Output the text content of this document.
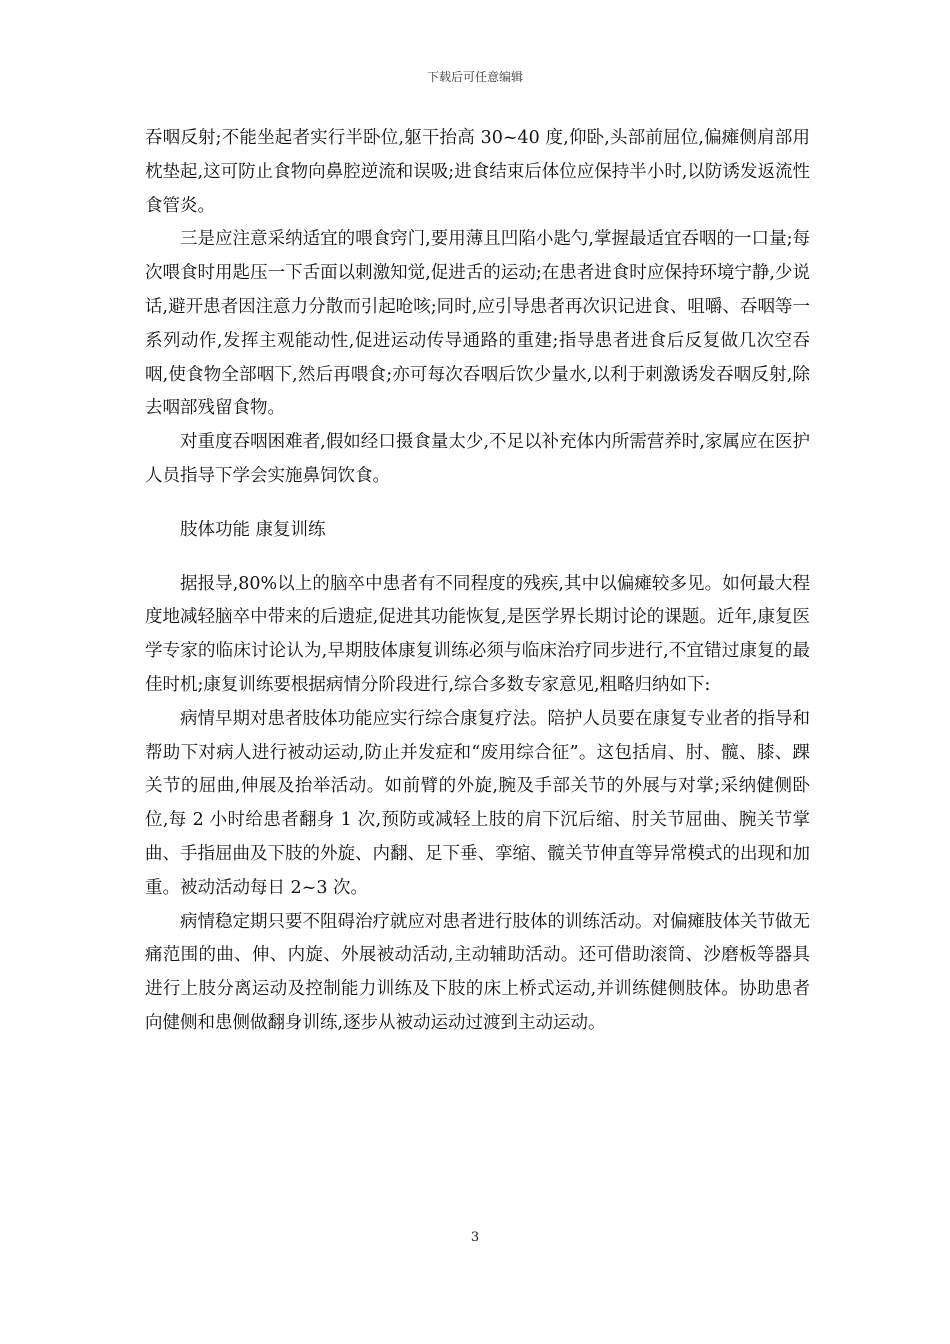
下载后可任意编辑

吞咽反射;不能坐起者实行半卧位,躯干抬高 30~40 度,仰卧,头部前屈位,偏瘫侧肩部用枕垫起,这可防止食物向鼻腔逆流和误吸;进食结束后体位应保持半小时,以防诱发返流性食管炎。

三是应注意采纳适宜的喂食窍门,要用薄且凹陷小匙勺,掌握最适宜吞咽的一口量;每次喂食时用匙压一下舌面以刺激知觉,促进舌的运动;在患者进食时应保持环境宁静,少说话,避开患者因注意力分散而引起呛咳;同时,应引导患者再次识记进食、咀嚼、吞咽等一系列动作,发挥主观能动性,促进运动传导通路的重建;指导患者进食后反复做几次空吞咽,使食物全部咽下,然后再喂食;亦可每次吞咽后饮少量水,以利于刺激诱发吞咽反射,除去咽部残留食物。

对重度吞咽困难者,假如经口摄食量太少,不足以补充体内所需营养时,家属应在医护人员指导下学会实施鼻饲饮食。

肢体功能 康复训练

据报导,80%以上的脑卒中患者有不同程度的残疾,其中以偏瘫较多见。如何最大程度地减轻脑卒中带来的后遗症,促进其功能恢复,是医学界长期讨论的课题。近年,康复医学专家的临床讨论认为,早期肢体康复训练必须与临床治疗同步进行,不宜错过康复的最佳时机;康复训练要根据病情分阶段进行,综合多数专家意见,粗略归纳如下:

病情早期对患者肢体功能应实行综合康复疗法。陪护人员要在康复专业者的指导和帮助下对病人进行被动运动,防止并发症和“废用综合征”。这包括肩、肘、髋、膝、踝关节的屈曲,伸展及抬举活动。如前臂的外旋,腕及手部关节的外展与对掌;采纳健侧卧位,每 2 小时给患者翻身 1 次,预防或减轻上肢的肩下沉后缩、肘关节屈曲、腕关节掌曲、手指屈曲及下肢的外旋、内翻、足下垂、挛缩、髋关节伸直等异常模式的出现和加重。被动活动每日 2~3 次。

病情稳定期只要不阻碍治疗就应对患者进行肢体的训练活动。对偏瘫肢体关节做无痛范围的曲、伸、内旋、外展被动活动,主动辅助活动。还可借助滚筒、沙磨板等器具进行上肢分离运动及控制能力训练及下肢的床上桥式运动,并训练健侧肢体。协助患者向健侧和患侧做翻身训练,逐步从被动运动过渡到主动运动。

3
